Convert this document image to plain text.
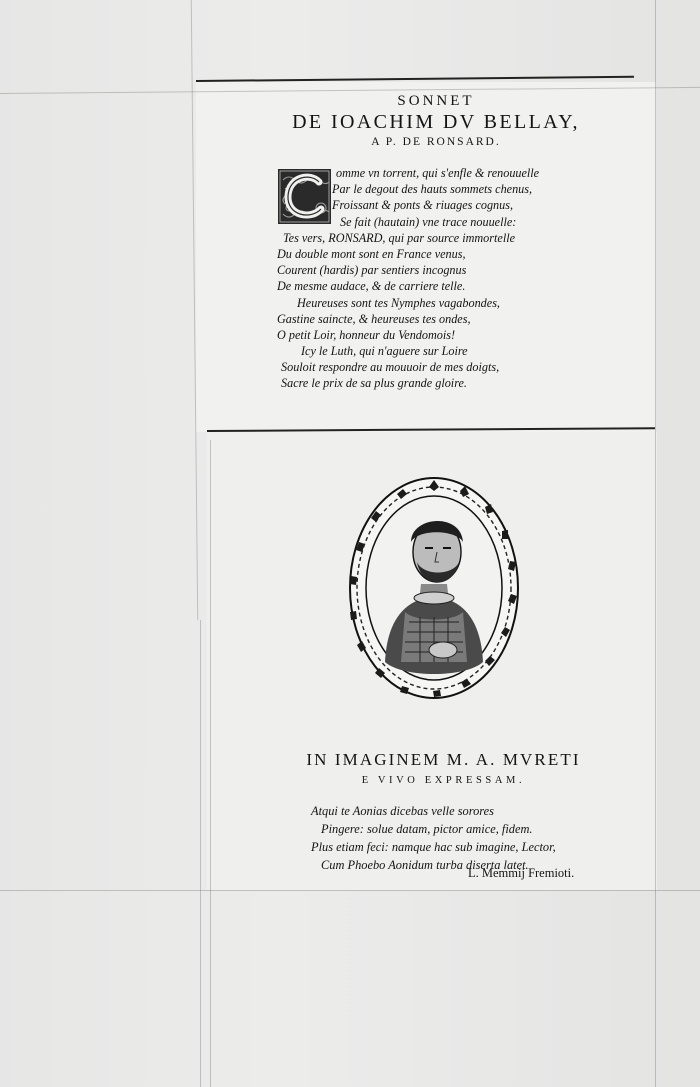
SONNET
DE IOACHIM DV BELLAY,
A P. DE RONSARD.
omme vn torrent, qui s'enfle & renouuelle
Par le degout des hauts sommets chenus,
Froissant & ponts & riuages cognus,
Se fait (hautain) vne trace nouuelle:
Tes vers, RONSARD, qui par source immortelle
Du double mont sont en France venus,
Courent (hardis) par sentiers incognus
De mesme audace, & de carriere telle.
Heureuses sont tes Nymphes vagabondes,
Gastine saincte, & heureuses tes ondes,
O petit Loir, honneur du Vendomois!
Icy le Luth, qui n'aguere sur Loire
Souloit respondre au mouuoir de mes doigts,
Sacre le prix de sa plus grande gloire.
IN IMAGINEM M. A. MVRETI
E VIVO EXPRESSAM.
Atqui te Aonias dicebas velle sorores
Pingere: solue datam, pictor amice, fidem.
Plus etiam feci: namque hac sub imagine, Lector,
Cum Phoebo Aonidum turba diserta latet.
L. Memmij Fremioti.
